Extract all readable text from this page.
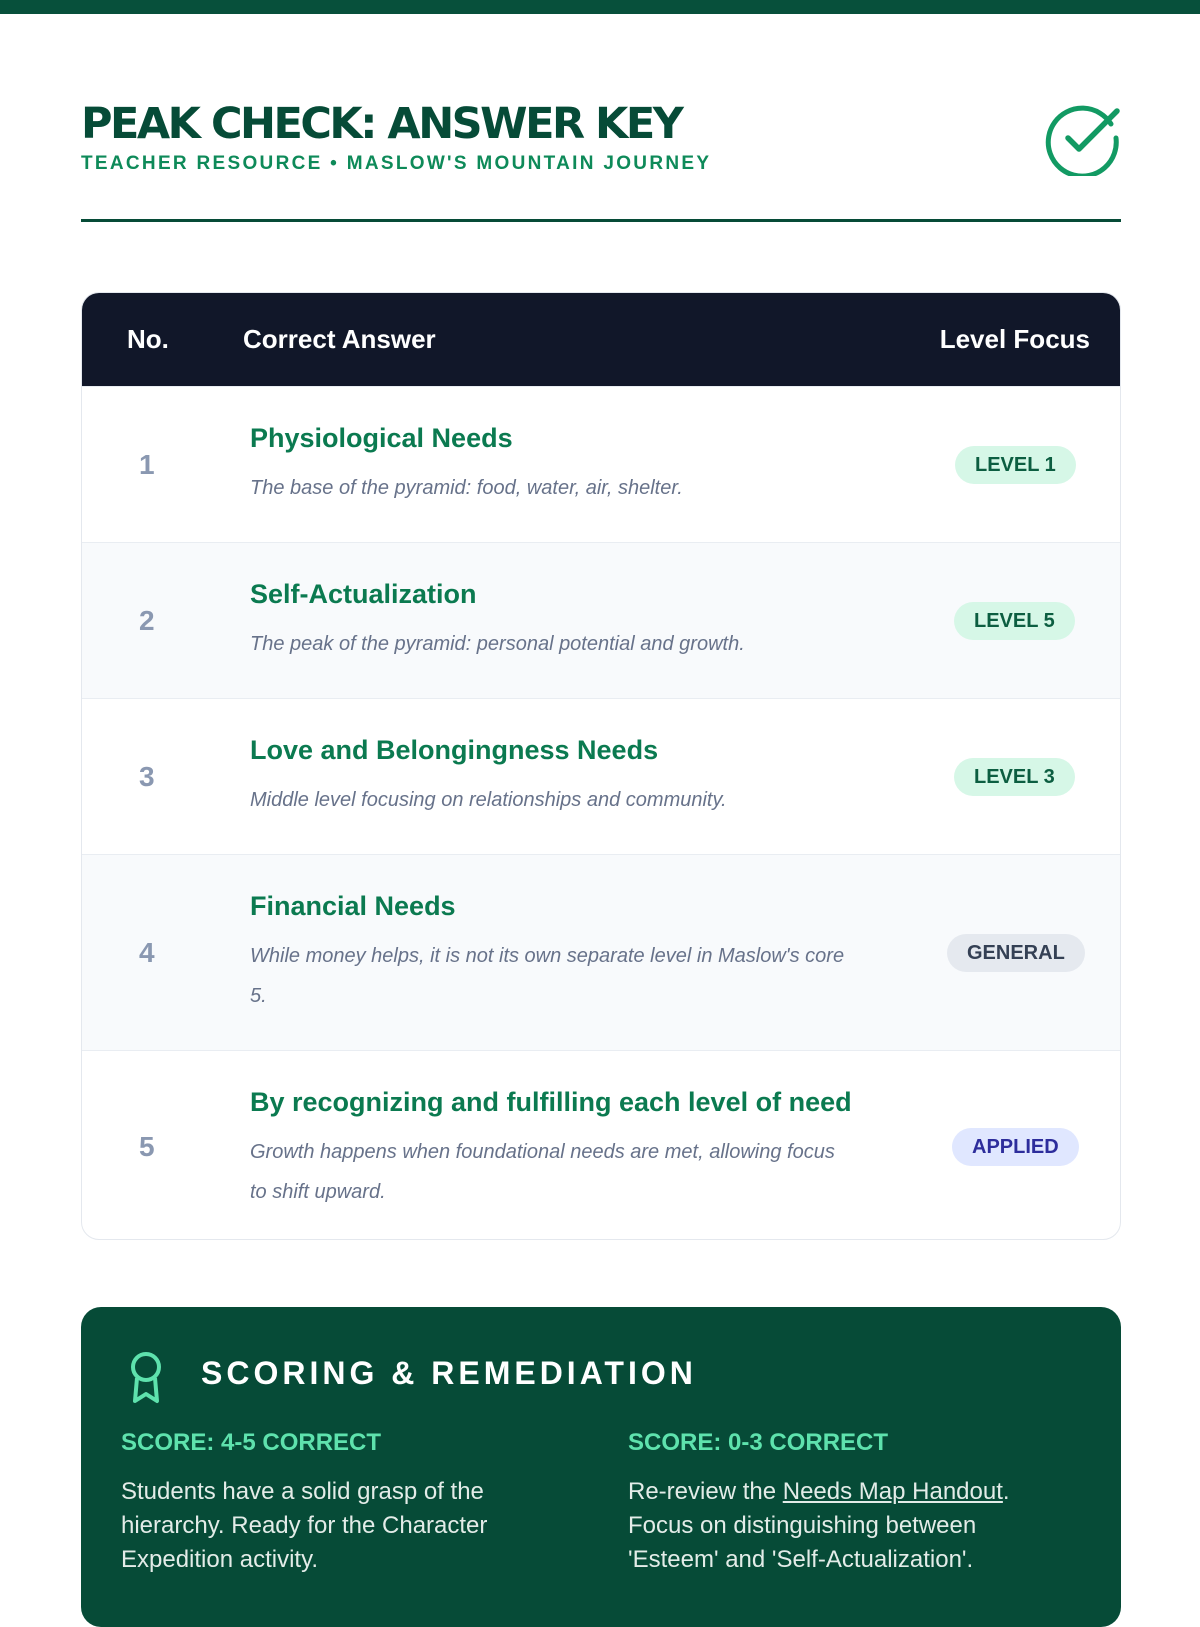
PEAK CHECK: ANSWER KEY
TEACHER RESOURCE • MASLOW'S MOUNTAIN JOURNEY
No.	Correct Answer	Level Focus
1
Physiological Needs
The base of the pyramid: food, water, air, shelter.
LEVEL 1
2
Self-Actualization
The peak of the pyramid: personal potential and growth.
LEVEL 5
3
Love and Belongingness Needs
Middle level focusing on relationships and community.
LEVEL 3
4
Financial Needs
While money helps, it is not its own separate level in Maslow's core 5.
GENERAL
5
By recognizing and fulfilling each level of need
Growth happens when foundational needs are met, allowing focus to shift upward.
APPLIED
SCORING & REMEDIATION
SCORE: 4-5 CORRECT
Students have a solid grasp of the hierarchy. Ready for the Character Expedition activity.
SCORE: 0-3 CORRECT
Re-review the Needs Map Handout. Focus on distinguishing between 'Esteem' and 'Self-Actualization'.
